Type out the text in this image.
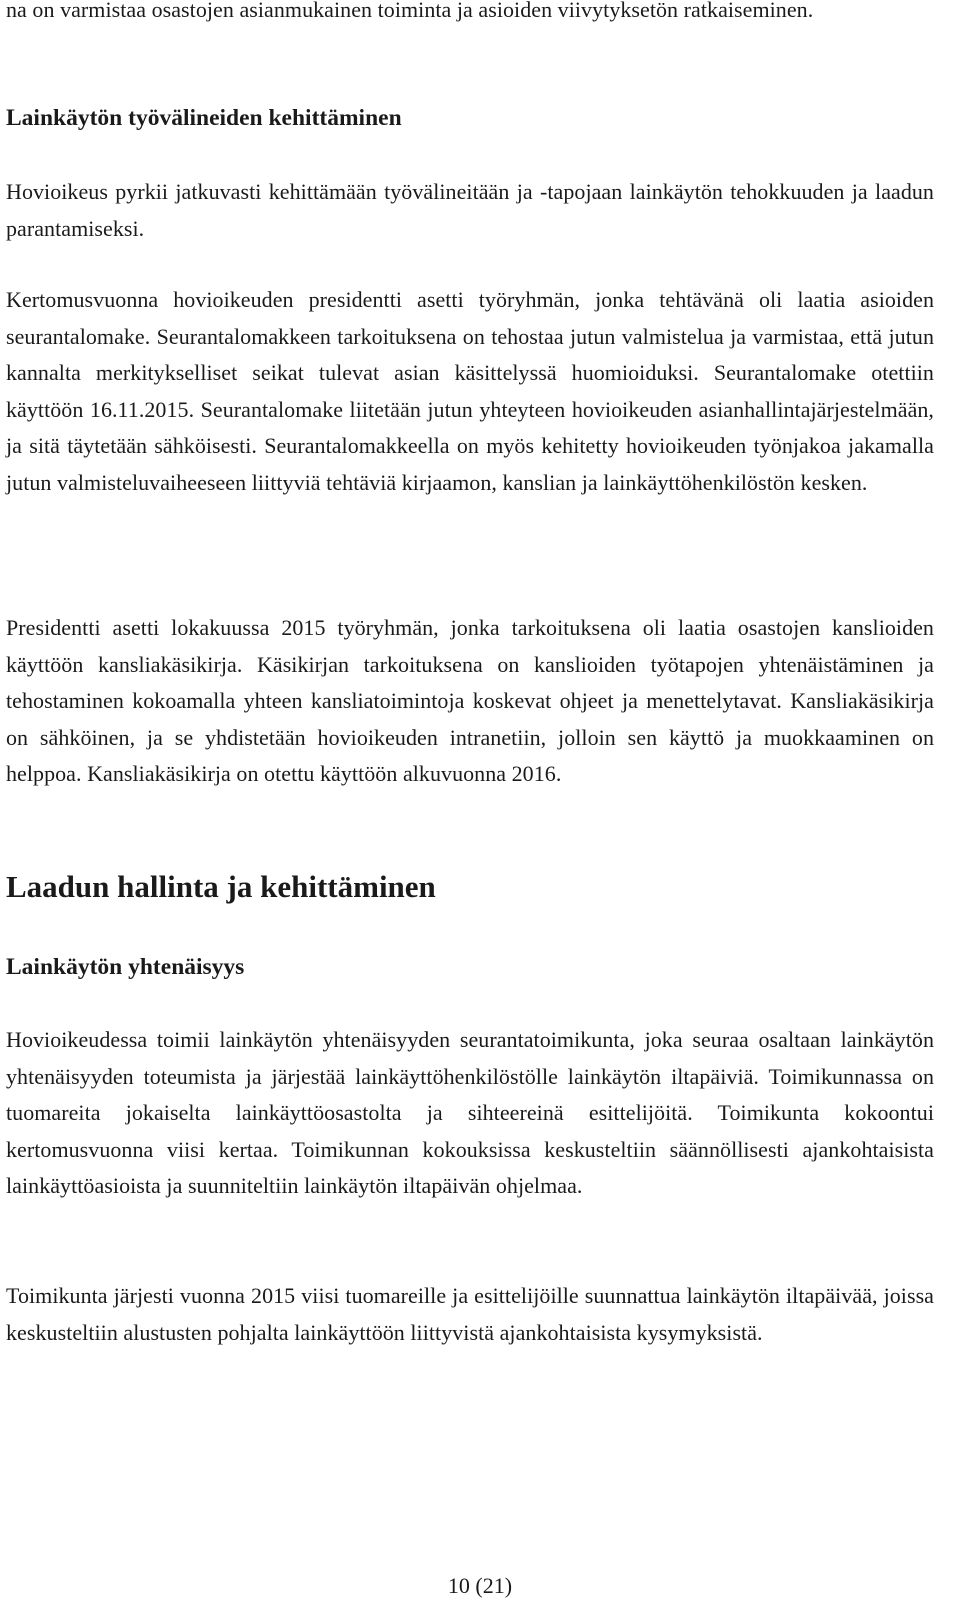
na on varmistaa osastojen asianmukainen toiminta ja asioiden viivytyksetön ratkaiseminen.

Lainkäytön työvälineiden kehittäminen

Hovioikeus pyrkii jatkuvasti kehittämään työvälineitään ja -tapojaan lainkäytön tehokkuuden ja laadun parantamiseksi.

Kertomusvuonna hovioikeuden presidentti asetti työryhmän, jonka tehtävänä oli laatia asioiden seurantalomake. Seurantalomakkeen tarkoituksena on tehostaa jutun valmistelua ja varmistaa, että jutun kannalta merkitykselliset seikat tulevat asian käsittelyssä huomioiduksi. Seurantalomake otettiin käyttöön 16.11.2015. Seurantalomake liitetään jutun yhteyteen hovioikeuden asianhallintajärjestelmään, ja sitä täytetään sähköisesti. Seurantalomakkeella on myös kehitetty hovioikeuden työnjakoa jakamalla jutun valmisteluvaiheeseen liittyviä tehtäviä kirjaamon, kanslian ja lainkäyttöhenkilöstön kesken.

Presidentti asetti lokakuussa 2015 työryhmän, jonka tarkoituksena oli laatia osastojen kanslioiden käyttöön kansliakäsikirja. Käsikirjan tarkoituksena on kanslioiden työtapojen yhtenäistäminen ja tehostaminen kokoamalla yhteen kansliatoimintoja koskevat ohjeet ja menettelytavat. Kansliakäsikirja on sähköinen, ja se yhdistetään hovioikeuden intranetiin, jolloin sen käyttö ja muokkaaminen on helppoa. Kansliakäsikirja on otettu käyttöön alkuvuonna 2016.

Laadun hallinta ja kehittäminen
Lainkäytön yhtenäisyys

Hovioikeudessa toimii lainkäytön yhtenäisyyden seurantatoimikunta, joka seuraa osaltaan lainkäytön yhtenäisyyden toteumista ja järjestää lainkäyttöhenkilöstölle lainkäytön iltapäiviä. Toimikunnassa on tuomareita jokaiselta lainkäyttöosastolta ja sihteereinä esittelijöitä. Toimikunta kokoontui kertomusvuonna viisi kertaa. Toimikunnan kokouksissa keskusteltiin säännöllisesti ajankohtaisista lainkäyttöasioista ja suunniteltiin lainkäytön iltapäivän ohjelmaa.

Toimikunta järjesti vuonna 2015 viisi tuomareille ja esittelijöille suunnattua lainkäytön iltapäivää, joissa keskusteltiin alustusten pohjalta lainkäyttöön liittyvistä ajankohtaisista kysymyksistä.

10 (21)
